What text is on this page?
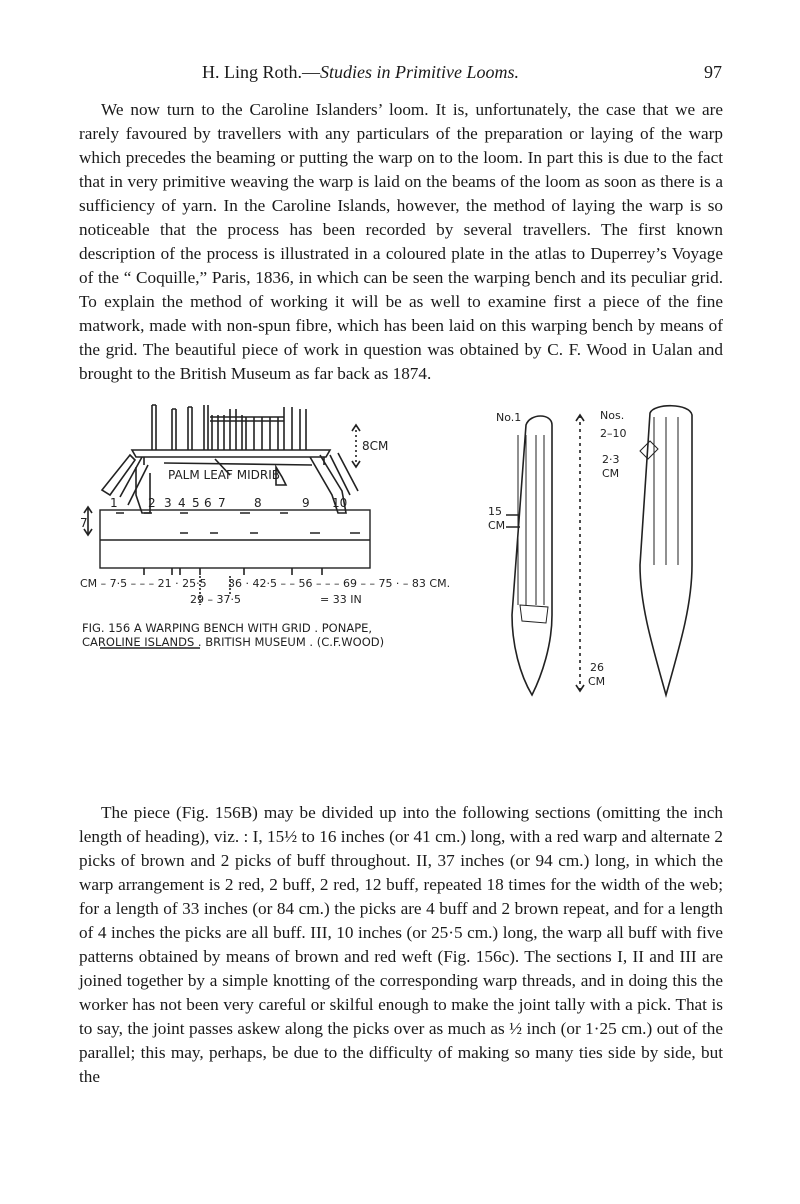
H. Ling Roth.—Studies in Primitive Looms.	97

We now turn to the Caroline Islanders’ loom. It is, unfortunately, the case that we are rarely favoured by travellers with any particulars of the preparation or laying of the warp which precedes the beaming or putting the warp on to the loom. In part this is due to the fact that in very primitive weaving the warp is laid on the beams of the loom as soon as there is a sufficiency of yarn. In the Caroline Islands, however, the method of laying the warp is so noticeable that the process has been recorded by several travellers. The first known description of the process is illustrated in a coloured plate in the atlas to Duperrey’s Voyage of the “ Coquille,” Paris, 1836, in which can be seen the warping bench and its peculiar grid. To explain the method of working it will be as well to examine first a piece of the fine matwork, made with non-spun fibre, which has been laid on this warping bench by means of the grid. The beautiful piece of work in question was obtained by C. F. Wood in Ualan and brought to the British Museum as far back as 1874.

PALM LEAF MIDRIB
8CM
1	2 3 4 5 6 7 8	9 10
7
CM – 7·5 – – – 21 · 25·5 36 · 42·5 – – 56 – – – 69 – – 75 · – 83 CM.
29 – 37·5	= 33 IN
FIG. 156 A WARPING BENCH WITH GRID . PONAPE,
CAROLINE ISLANDS . BRITISH MUSEUM . (C.F.WOOD)
No.1
15
CM
Nos.
2–10
2·3
CM
26
CM

The piece (Fig. 156B) may be divided up into the following sections (omitting the inch length of heading), viz. : I, 15½ to 16 inches (or 41 cm.) long, with a red warp and alternate 2 picks of brown and 2 picks of buff throughout. II, 37 inches (or 94 cm.) long, in which the warp arrangement is 2 red, 2 buff, 2 red, 12 buff, repeated 18 times for the width of the web; for a length of 33 inches (or 84 cm.) the picks are 4 buff and 2 brown repeat, and for a length of 4 inches the picks are all buff. III, 10 inches (or 25·5 cm.) long, the warp all buff with five patterns obtained by means of brown and red weft (Fig. 156c). The sections I, II and III are joined together by a simple knotting of the corresponding warp threads, and in doing this the worker has not been very careful or skilful enough to make the joint tally with a pick. That is to say, the joint passes askew along the picks over as much as ½ inch (or 1·25 cm.) out of the parallel; this may, perhaps, be due to the difficulty of making so many ties side by side, but the
